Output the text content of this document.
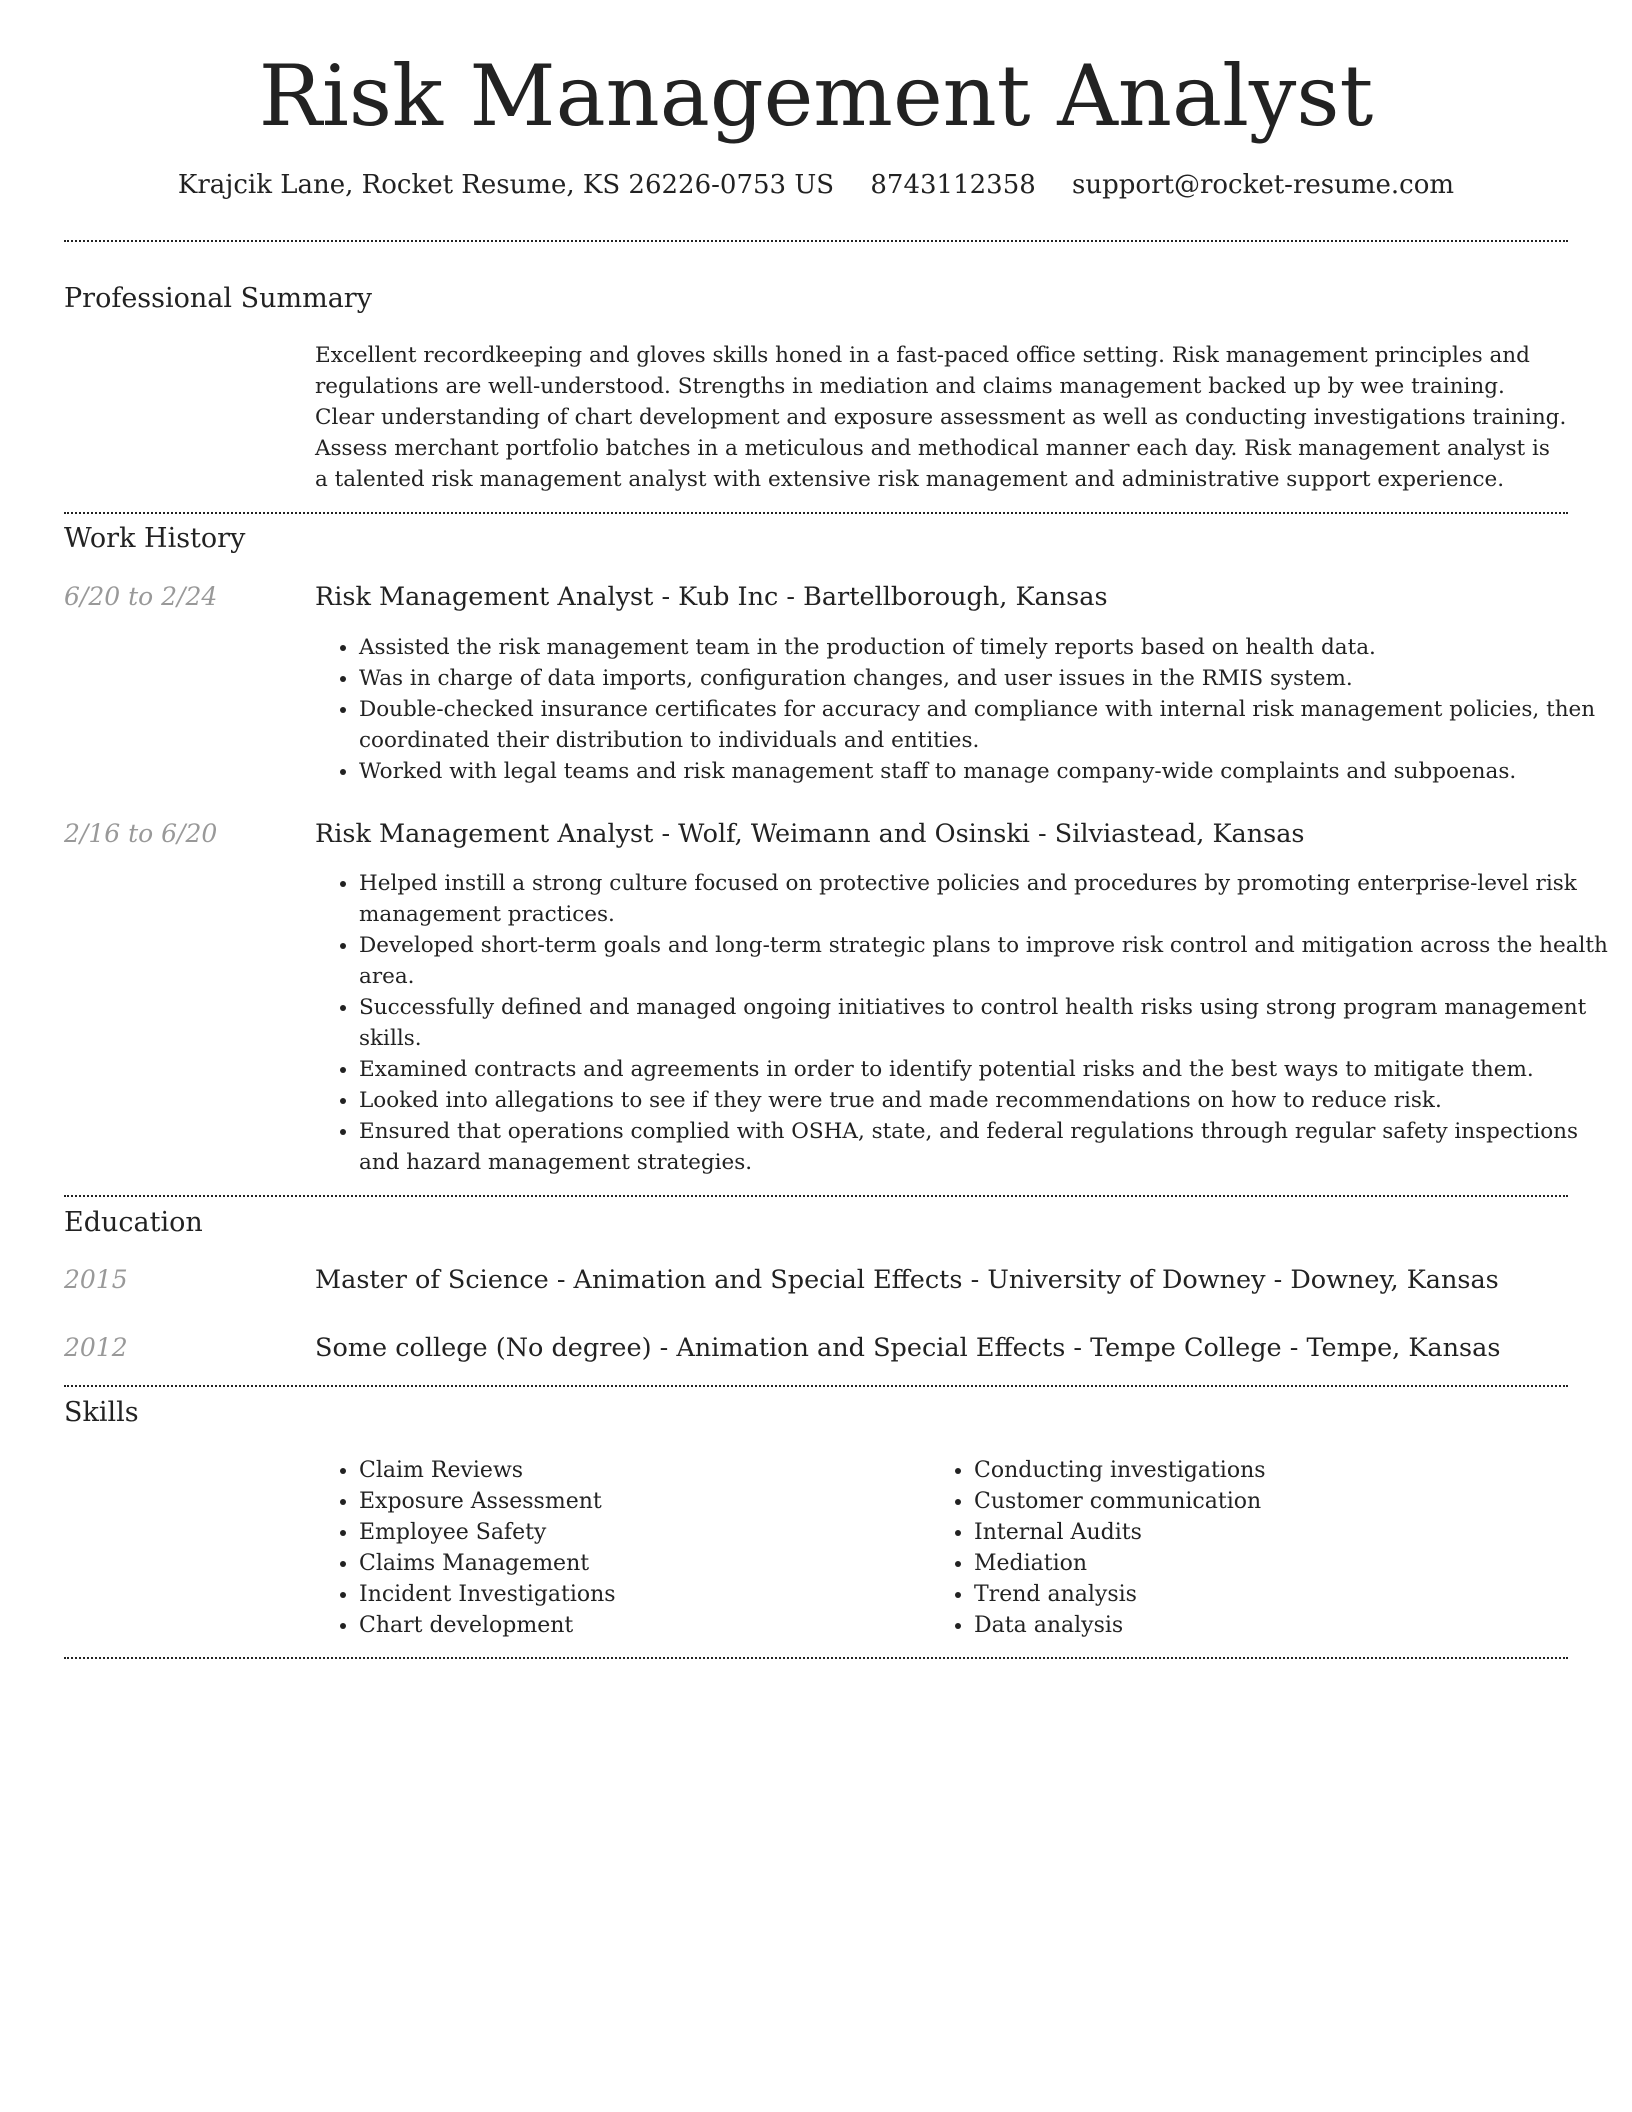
Risk Management Analyst
Krajcik Lane, Rocket Resume, KS 26226-0753 US 8743112358 support@rocket-resume.com
Professional Summary
Excellent recordkeeping and gloves skills honed in a fast-paced office setting. Risk management principles and regulations are well-understood. Strengths in mediation and claims management backed up by wee training. Clear understanding of chart development and exposure assessment as well as conducting investigations training. Assess merchant portfolio batches in a meticulous and methodical manner each day. Risk management analyst is a talented risk management analyst with extensive risk management and administrative support experience.
Work History
6/20 to 2/24	Risk Management Analyst - Kub Inc - Bartellborough, Kansas
• Assisted the risk management team in the production of timely reports based on health data.
• Was in charge of data imports, configuration changes, and user issues in the RMIS system.
• Double-checked insurance certificates for accuracy and compliance with internal risk management policies, then coordinated their distribution to individuals and entities.
• Worked with legal teams and risk management staff to manage company-wide complaints and subpoenas.
2/16 to 6/20	Risk Management Analyst - Wolf, Weimann and Osinski - Silviastead, Kansas
• Helped instill a strong culture focused on protective policies and procedures by promoting enterprise-level risk management practices.
• Developed short-term goals and long-term strategic plans to improve risk control and mitigation across the health area.
• Successfully defined and managed ongoing initiatives to control health risks using strong program management skills.
• Examined contracts and agreements in order to identify potential risks and the best ways to mitigate them.
• Looked into allegations to see if they were true and made recommendations on how to reduce risk.
• Ensured that operations complied with OSHA, state, and federal regulations through regular safety inspections and hazard management strategies.
Education
2015	Master of Science - Animation and Special Effects - University of Downey - Downey, Kansas
2012	Some college (No degree) - Animation and Special Effects - Tempe College - Tempe, Kansas
Skills
• Claim Reviews
• Exposure Assessment
• Employee Safety
• Claims Management
• Incident Investigations
• Chart development
• Conducting investigations
• Customer communication
• Internal Audits
• Mediation
• Trend analysis
• Data analysis
